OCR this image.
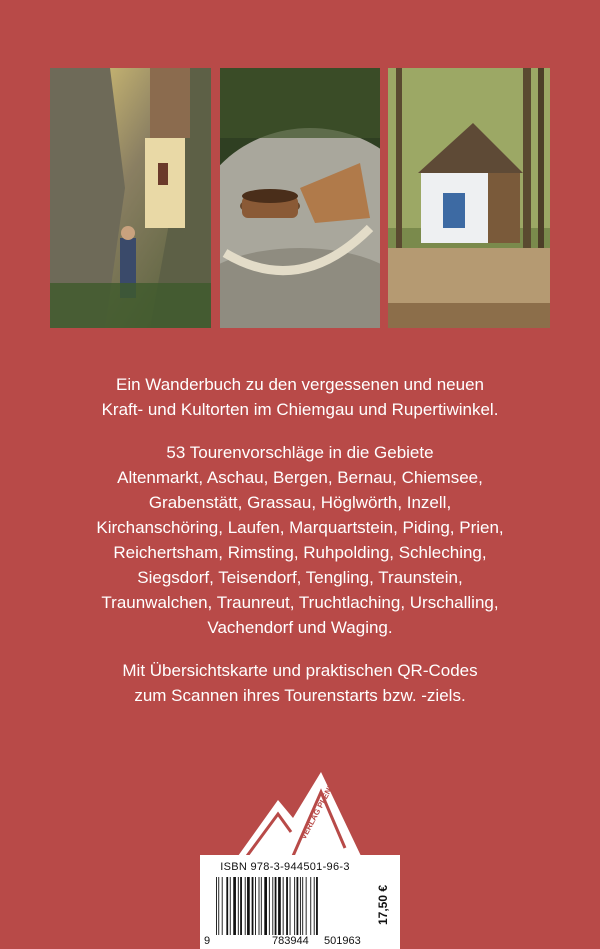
Ein Wanderbuch zu den vergessenen und neuen
Kraft- und Kultorten im Chiemgau und Rupertiwinkel.
53 Tourenvorschläge in die Gebiete
Altenmarkt, Aschau, Bergen, Bernau, Chiemsee,
Grabenstätt, Grassau, Höglwörth, Inzell,
Kirchanschöring, Laufen, Marquartstein, Piding, Prien,
Reichertsham, Rimsting, Ruhpolding, Schleching,
Siegsdorf, Teisendorf, Tengling, Traunstein,
Traunwalchen, Traunreut, Truchtlaching, Urschalling,
Vachendorf und Waging.
Mit Übersichtskarte und praktischen QR-Codes
zum Scannen ihres Tourenstarts bzw. -ziels.
VERLAG PLENK
ISBN 978-3-944501-96-3
9	783944 501963
17,50 €
